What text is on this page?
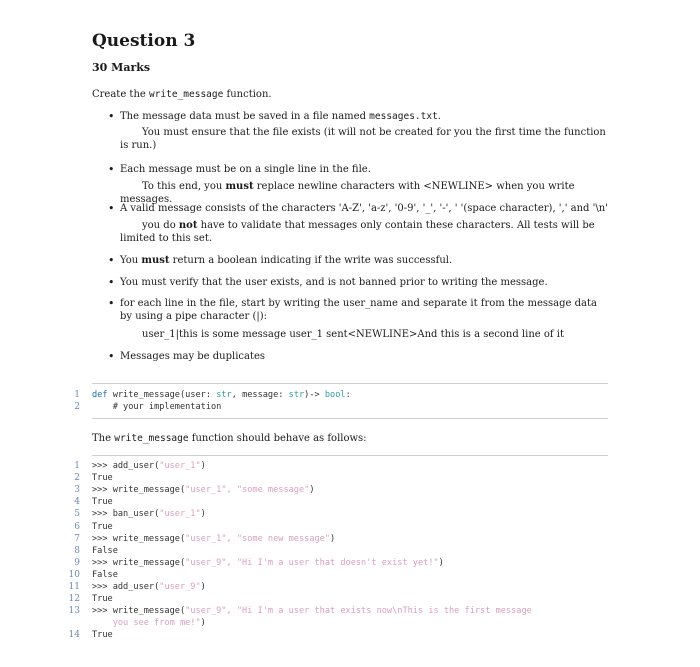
Question 3
30 Marks
Create the write_message function.
• The message data must be saved in a file named messages.txt.
You must ensure that the file exists (it will not be created for you the first time the function is run.)
• Each message must be on a single line in the file.
To this end, you must replace newline characters with <NEWLINE> when you write messages.
• A valid message consists of the characters 'A-Z', 'a-z', '0-9', '_', '-', ' '(space character), ',' and '\n'
you do not have to validate that messages only contain these characters. All tests will be limited to this set.
• You must return a boolean indicating if the write was successful.
• You must verify that the user exists, and is not banned prior to writing the message.
• for each line in the file, start by writing the user_name and separate it from the message data by using a pipe character (|):
user_1|this is some message user_1 sent<NEWLINE>And this is a second line of it
• Messages may be duplicates
1 def write_message(user: str, message: str)-> bool:
2 # your implementation
The write_message function should behave as follows:
1 >>> add_user("user_1")
2 True
3 >>> write_message("user_1", "some message")
4 True
5 >>> ban_user("user_1")
6 True
7 >>> write_message("user_1", "some new message")
8 False
9 >>> write_message("user_9", "Hi I'm a user that doesn't exist yet!")
10 False
11 >>> add_user("user_9")
12 True
13 >>> write_message("user_9", "Hi I'm a user that exists now\nThis is the first message
you see from me!")
14 True
